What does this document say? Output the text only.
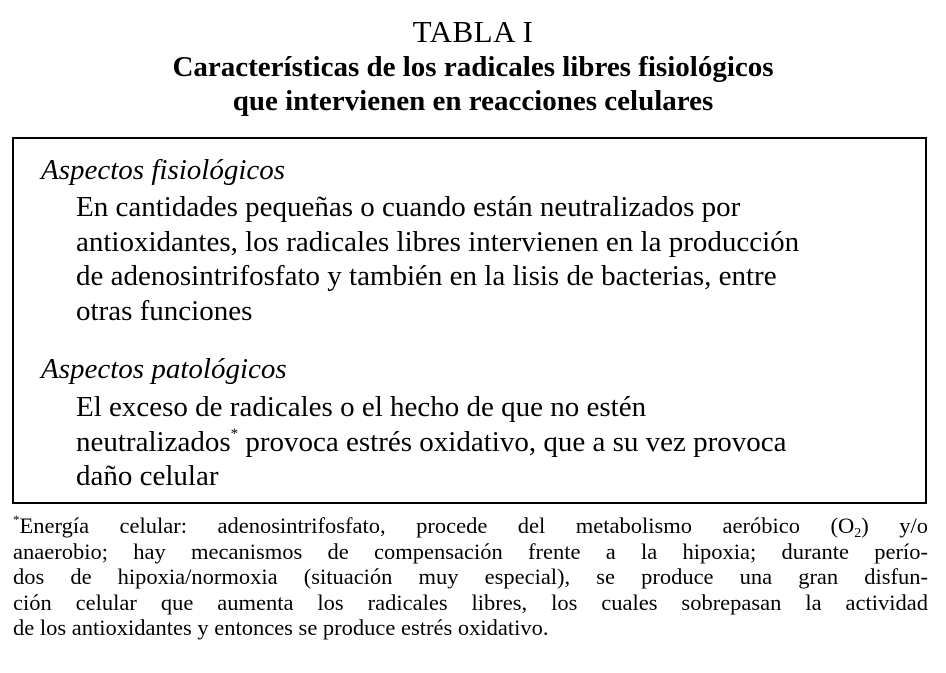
TABLA I
Características de los radicales libres fisiológicos
que intervienen en reacciones celulares
Aspectos fisiológicos
En cantidades pequeñas o cuando están neutralizados por
antioxidantes, los radicales libres intervienen en la producción
de adenosintrifosfato y también en la lisis de bacterias, entre
otras funciones
Aspectos patológicos
El exceso de radicales o el hecho de que no estén
neutralizados* provoca estrés oxidativo, que a su vez provoca
daño celular
*Energía celular: adenosintrifosfato, procede del metabolismo aeróbico $(O_2)$ y/o
anaerobio; hay mecanismos de compensación frente a la hipoxia; durante perío-
dos de hipoxia/normoxia (situación muy especial), se produce una gran disfun-
ción celular que aumenta los radicales libres, los cuales sobrepasan la actividad
de los antioxidantes y entonces se produce estrés oxidativo.
